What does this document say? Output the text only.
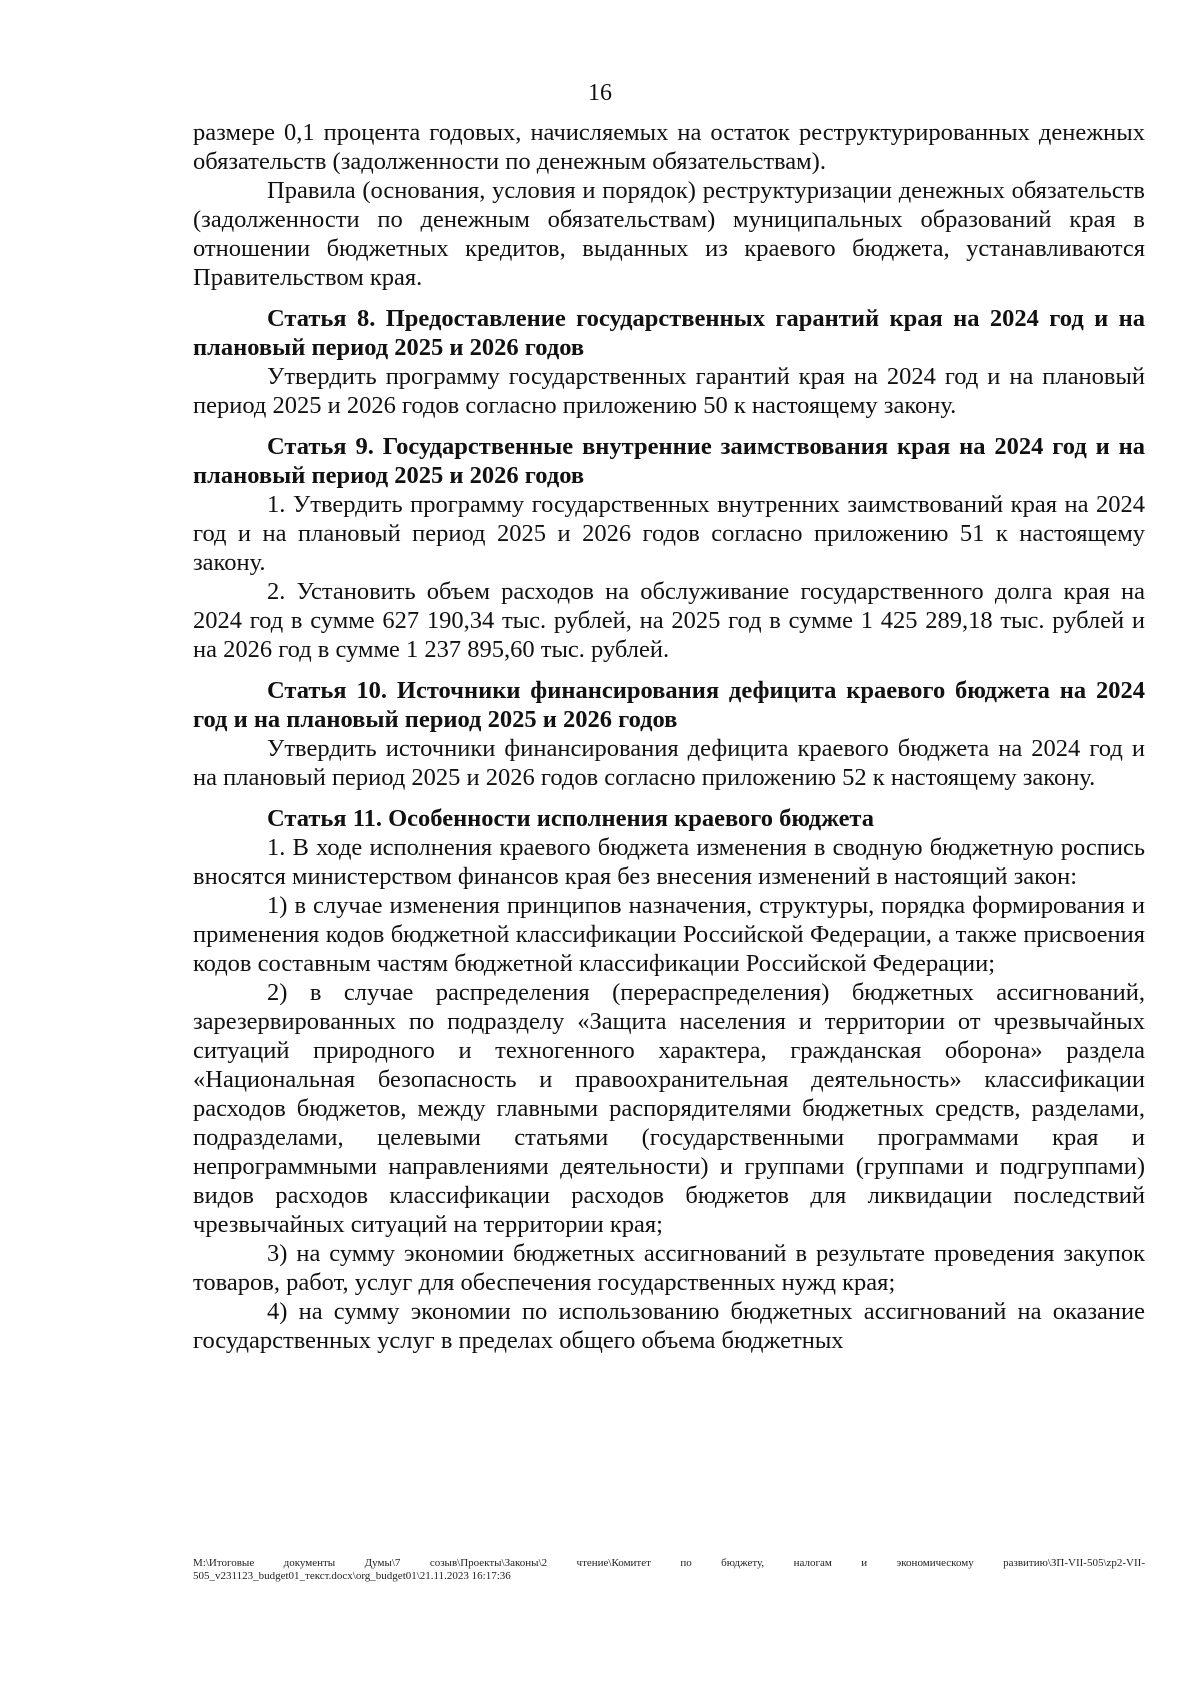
16

размере 0,1 процента годовых, начисляемых на остаток реструктурированных денежных обязательств (задолженности по денежным обязательствам).

Правила (основания, условия и порядок) реструктуризации денежных обязательств (задолженности по денежным обязательствам) муниципальных образований края в отношении бюджетных кредитов, выданных из краевого бюджета, устанавливаются Правительством края.

Статья 8. Предоставление государственных гарантий края на 2024 год и на плановый период 2025 и 2026 годов

Утвердить программу государственных гарантий края на 2024 год и на плановый период 2025 и 2026 годов согласно приложению 50 к настоящему закону.

Статья 9. Государственные внутренние заимствования края на 2024 год и на плановый период 2025 и 2026 годов

1. Утвердить программу государственных внутренних заимствований края на 2024 год и на плановый период 2025 и 2026 годов согласно приложению 51 к настоящему закону.

2. Установить объем расходов на обслуживание государственного долга края на 2024 год в сумме 627 190,34 тыс. рублей, на 2025 год в сумме 1 425 289,18 тыс. рублей и на 2026 год в сумме 1 237 895,60 тыс. рублей.

Статья 10. Источники финансирования дефицита краевого бюджета на 2024 год и на плановый период 2025 и 2026 годов

Утвердить источники финансирования дефицита краевого бюджета на 2024 год и на плановый период 2025 и 2026 годов согласно приложению 52 к настоящему закону.

Статья 11. Особенности исполнения краевого бюджета

1. В ходе исполнения краевого бюджета изменения в сводную бюджетную роспись вносятся министерством финансов края без внесения изменений в настоящий закон:

1) в случае изменения принципов назначения, структуры, порядка формирования и применения кодов бюджетной классификации Российской Федерации, а также присвоения кодов составным частям бюджетной классификации Российской Федерации;

2) в случае распределения (перераспределения) бюджетных ассигнований, зарезервированных по подразделу «Защита населения и территории от чрезвычайных ситуаций природного и техногенного характера, гражданская оборона» раздела «Национальная безопасность и правоохранительная деятельность» классификации расходов бюджетов, между главными распорядителями бюджетных средств, разделами, подразделами, целевыми статьями (государственными программами края и непрограммными направлениями деятельности) и группами (группами и подгруппами) видов расходов классификации расходов бюджетов для ликвидации последствий чрезвычайных ситуаций на территории края;

3) на сумму экономии бюджетных ассигнований в результате проведения закупок товаров, работ, услуг для обеспечения государственных нужд края;

4) на сумму экономии по использованию бюджетных ассигнований на оказание государственных услуг в пределах общего объема бюджетных

M:\Итоговые документы Думы\7 созыв\Проекты\Законы\2 чтение\Комитет по бюджету, налогам и экономическому развитию\ЗП-VII-505\zp2-VII-505_v231123_budget01_текст.docx\org_budget01\21.11.2023 16:17:36
